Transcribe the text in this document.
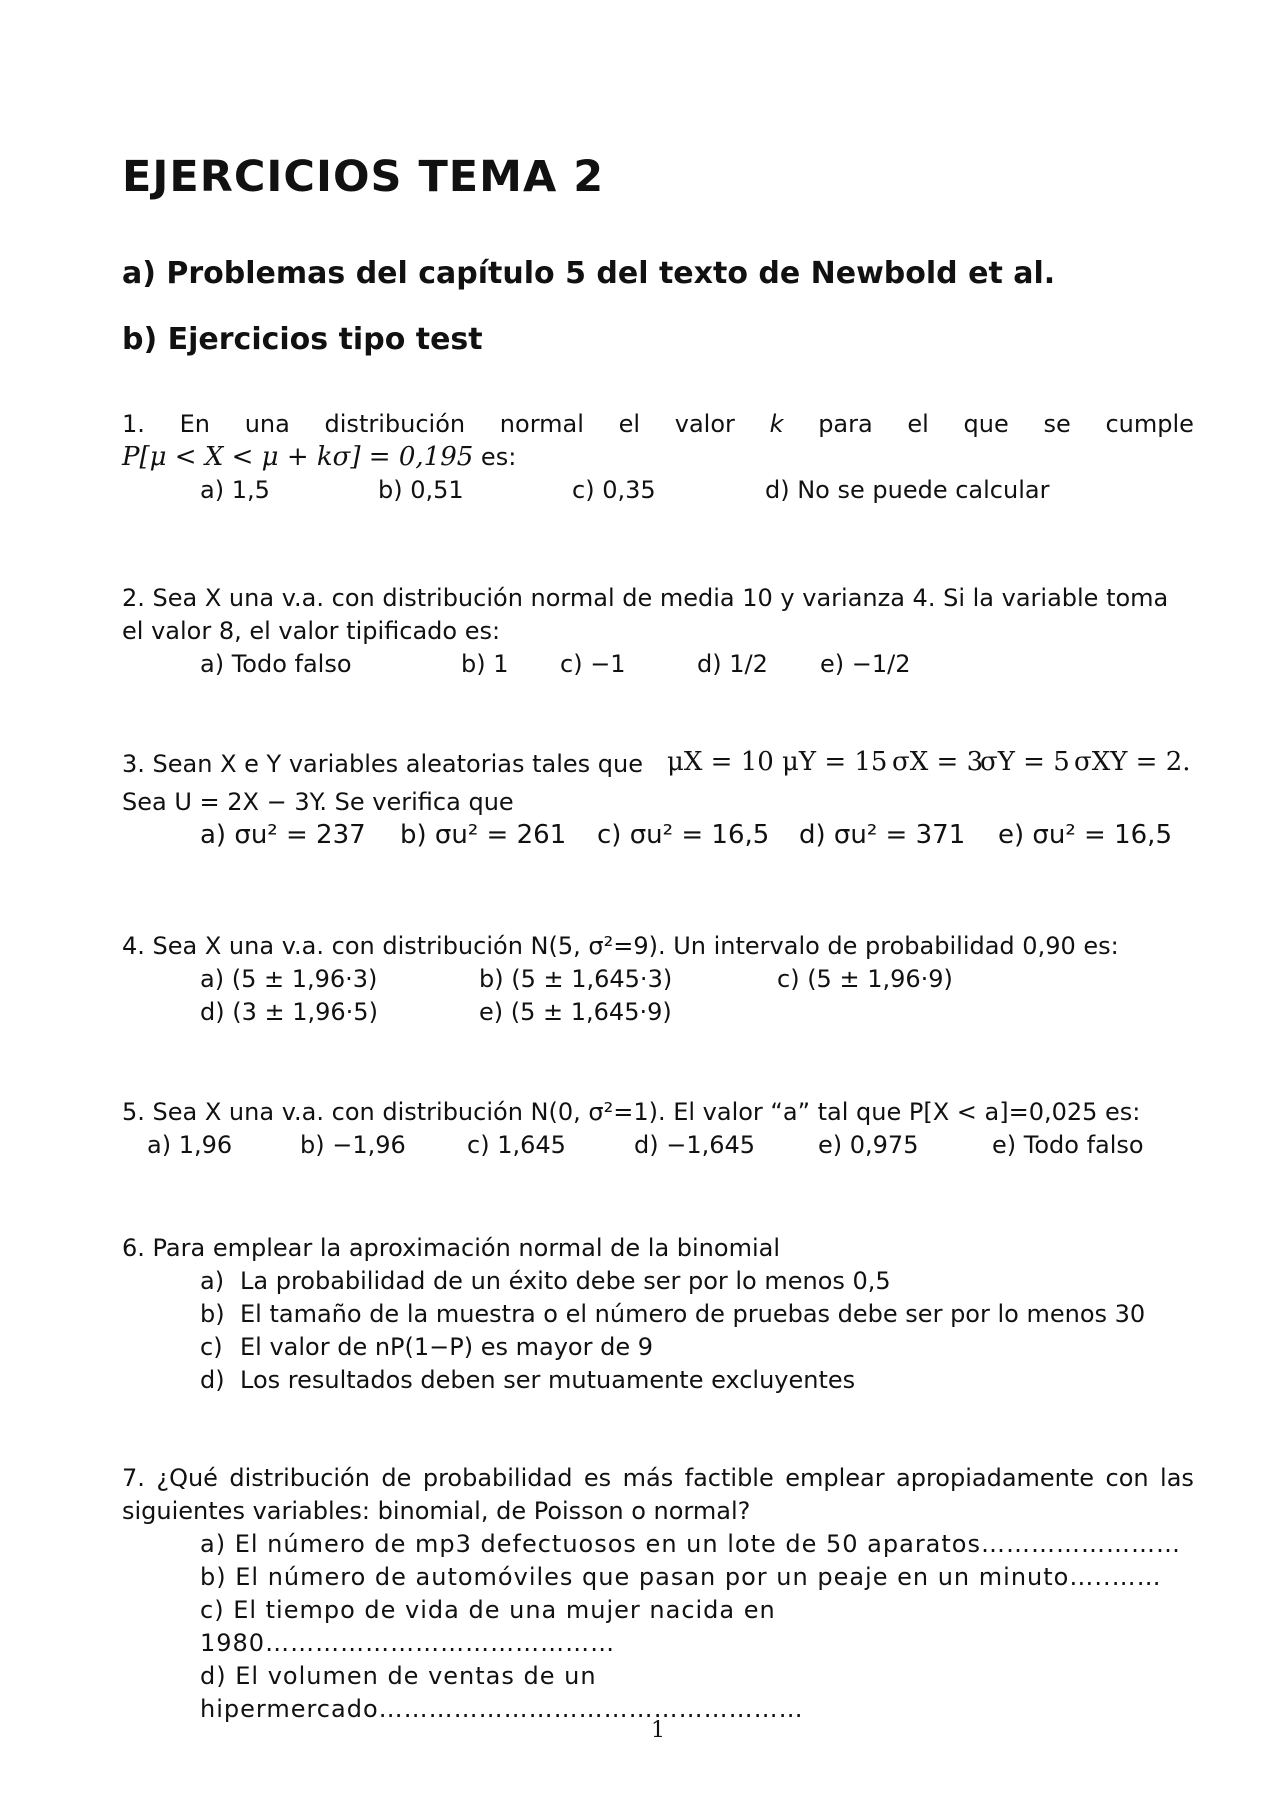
EJERCICIOS TEMA 2
a) Problemas del capítulo 5 del texto de Newbold et al.
b) Ejercicios tipo test
1. En una distribución normal el valor k para el que se cumple
P[μ < X < μ + kσ] = 0,195 es:
a) 1,5	b) 0,51	c) 0,35	d) No se puede calcular
2. Sea X una v.a. con distribución normal de media 10 y varianza 4. Si la variable toma
el valor 8, el valor tipificado es:
a) Todo falso	b) 1 c) −1	d) 1/2 e) −1/2
3. Sean X e Y variables aleatorias tales que μX = 10 μY = 15 σX = 3
σY = 5 σXY = 2.
Sea U = 2X − 3Y. Se verifica que
a) σu² = 237 b) σu² = 261 c) σu² = 16,5 d) σu² = 371 e) σu² = 16,5
4. Sea X una v.a. con distribución N(5, σ²=9). Un intervalo de probabilidad 0,90 es:
a) (5 ± 1,96·3)	b) (5 ± 1,645·3)	c) (5 ± 1,96·9)
d) (3 ± 1,96·5)	e) (5 ± 1,645·9)
5. Sea X una v.a. con distribución N(0, σ²=1). El valor “a” tal que P[X < a]=0,025 es:
a) 1,96	b) −1,96	c) 1,645	d) −1,645	e) 0,975	e) Todo falso
6. Para emplear la aproximación normal de la binomial
a) La probabilidad de un éxito debe ser por lo menos 0,5
b) El tamaño de la muestra o el número de pruebas debe ser por lo menos 30
c) El valor de nP(1−P) es mayor de 9
d) Los resultados deben ser mutuamente excluyentes
7. ¿Qué distribución de probabilidad es más factible emplear apropiadamente con las
siguientes variables: binomial, de Poisson o normal?
a) El número de mp3 defectuosos en un lote de 50 aparatos……………………
b) El número de automóviles que pasan por un peaje en un minuto…..……
c) El tiempo de vida de una mujer nacida en 1980……………………………………
d) El volumen de ventas de un hipermercado……………………………………………
1
